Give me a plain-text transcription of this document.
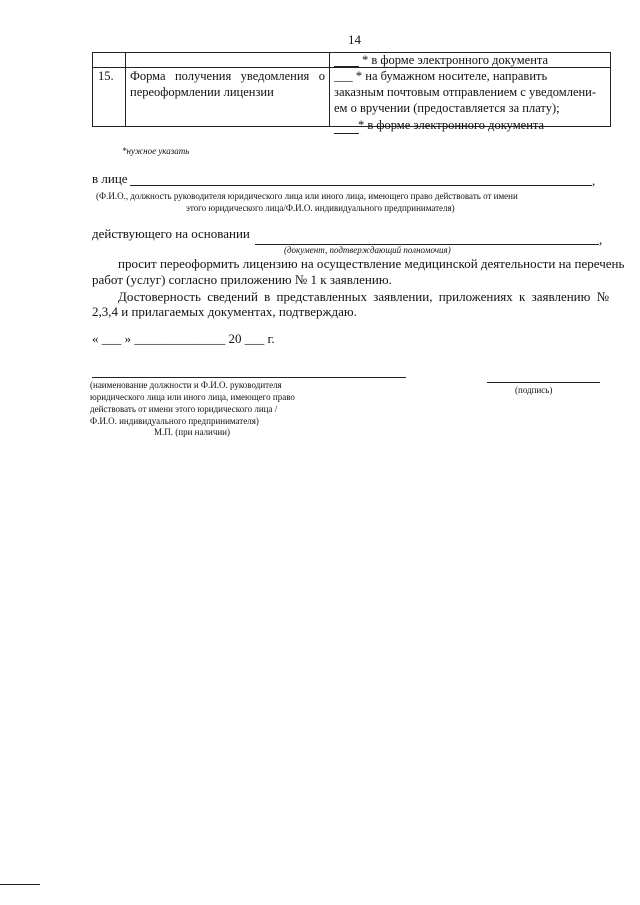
14
* в форме электронного документа
15. Форма получения уведомления о
переоформлении лицензии
___ * на бумажном носителе, направить
заказным почтовым отправлением с уведомлени-
ем о вручении (предоставляется за плату);
* в форме электронного документа
*нужное указать
в лице	,
(Ф.И.О., должность руководителя юридического лица или иного лица, имеющего право действовать от имени
этого юридического лица/Ф.И.О. индивидуального предпринимателя)
действующего на основании	,
(документ, подтверждающий полномочия)
просит переоформить лицензию на осуществление медицинской деятельности на перечень
работ (услуг) согласно приложению № 1 к заявлению.
Достоверность сведений в представленных заявлении, приложениях к заявлению №
2,3,4 и прилагаемых документах, подтверждаю.
« ___ » ______________ 20 ___ г.
(наименование должности и Ф.И.О. руководителя
юридического лица или иного лица, имеющего право
действовать от имени этого юридического лица /
Ф.И.О. индивидуального предпринимателя)
М.П. (при наличии)
(подпись)
